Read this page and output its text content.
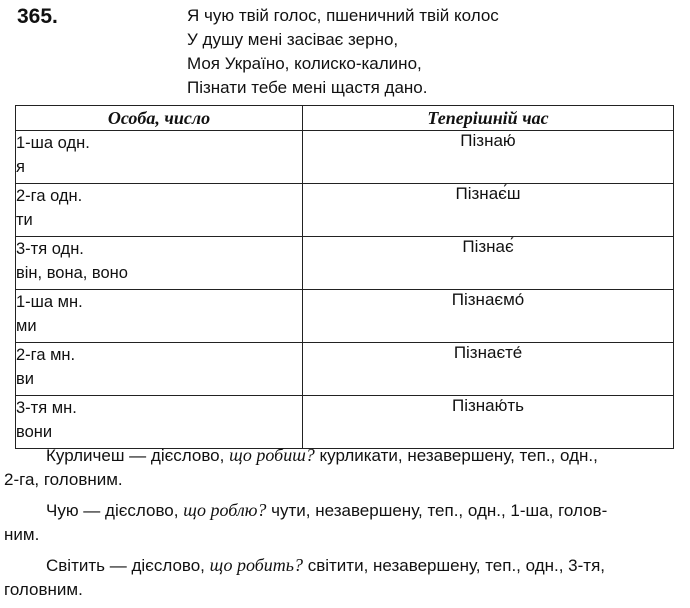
365.	Я чую твій голос, пшеничний твій колос
У душу мені засіває зерно,
Моя Україно, колиско-калино,
Пізнати тебе мені щастя дано.
Особа, число	Теперішній час

1-ша одн.
я	Пізнаю́

2-га одн.
ти	Пізнає́ш

3-тя одн.
він, вона, воно	Пізнає́

1-ша мн.
ми	Пізнаємо́

2-га мн.
ви	Пізнаєте́

3-тя мн.
вони	Пізнаю́ть
Курличеш — дієслово, що робиш? курликати, незавершену, теп., одн.,
2-га, головним.
Чую — дієслово, що роблю? чути, незавершену, теп., одн., 1-ша, голов-
ним.
Світить — дієслово, що робить? світити, незавершену, теп., одн., 3-тя,
головним.
